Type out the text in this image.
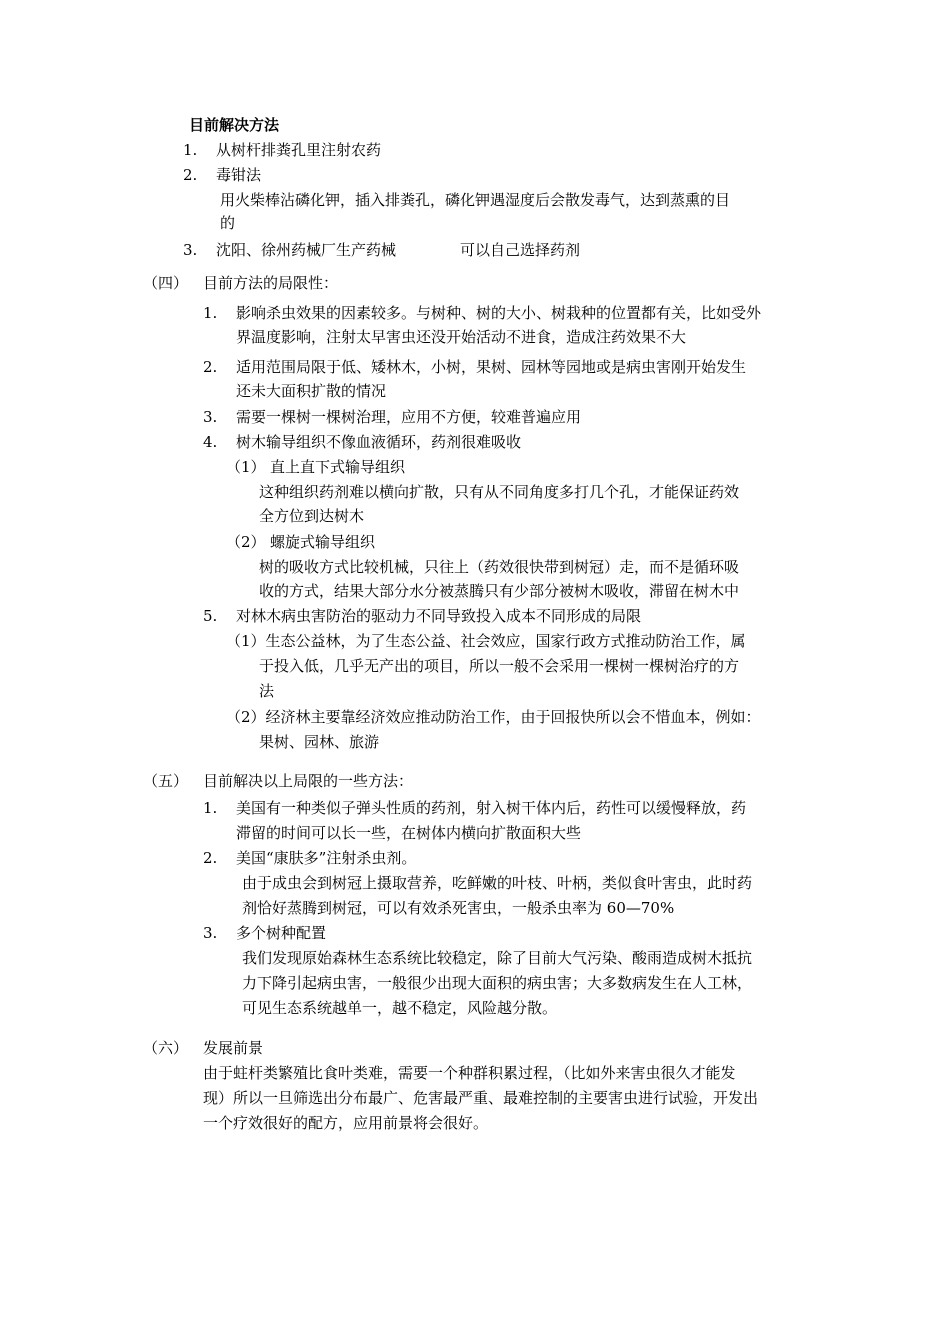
目前解决方法
1. 从树杆排粪孔里注射农药
2. 毒钳法
用火柴棒沾磷化钾，插入排粪孔，磷化钾遇湿度后会散发毒气，达到蒸熏的目
的
3. 沈阳、徐州药械厂生产药械	可以自己选择药剂
（四） 目前方法的局限性：
1. 影响杀虫效果的因素较多。与树种、树的大小、树栽种的位置都有关，比如受外
界温度影响，注射太早害虫还没开始活动不进食，造成注药效果不大
2. 适用范围局限于低、矮林木，小树，果树、园林等园地或是病虫害刚开始发生
还未大面积扩散的情况
3. 需要一棵树一棵树治理，应用不方便，较难普遍应用
4. 树木输导组织不像血液循环，药剂很难吸收
（1） 直上直下式输导组织
这种组织药剂难以横向扩散，只有从不同角度多打几个孔，才能保证药效
全方位到达树木
（2） 螺旋式输导组织
树的吸收方式比较机械，只往上（药效很快带到树冠）走，而不是循环吸
收的方式，结果大部分水分被蒸腾只有少部分被树木吸收，滞留在树木中
5. 对林木病虫害防治的驱动力不同导致投入成本不同形成的局限
（1）生态公益林，为了生态公益、社会效应，国家行政方式推动防治工作，属
于投入低，几乎无产出的项目，所以一般不会采用一棵树一棵树治疗的方
法
（2）经济林主要靠经济效应推动防治工作，由于回报快所以会不惜血本，例如：
果树、园林、旅游
（五） 目前解决以上局限的一些方法：
1. 美国有一种类似子弹头性质的药剂，射入树干体内后，药性可以缓慢释放，药
滞留的时间可以长一些，在树体内横向扩散面积大些
2. 美国“康肤多”注射杀虫剂。
由于成虫会到树冠上摄取营养，吃鲜嫩的叶枝、叶柄，类似食叶害虫，此时药
剂恰好蒸腾到树冠，可以有效杀死害虫，一般杀虫率为 60—70%
3. 多个树种配置
我们发现原始森林生态系统比较稳定，除了目前大气污染、酸雨造成树木抵抗
力下降引起病虫害，一般很少出现大面积的病虫害；大多数病发生在人工林，
可见生态系统越单一，越不稳定，风险越分散。
（六） 发展前景
由于蛀杆类繁殖比食叶类难，需要一个种群积累过程，（比如外来害虫很久才能发
现）所以一旦筛选出分布最广、危害最严重、最难控制的主要害虫进行试验，开发出
一个疗效很好的配方，应用前景将会很好。
